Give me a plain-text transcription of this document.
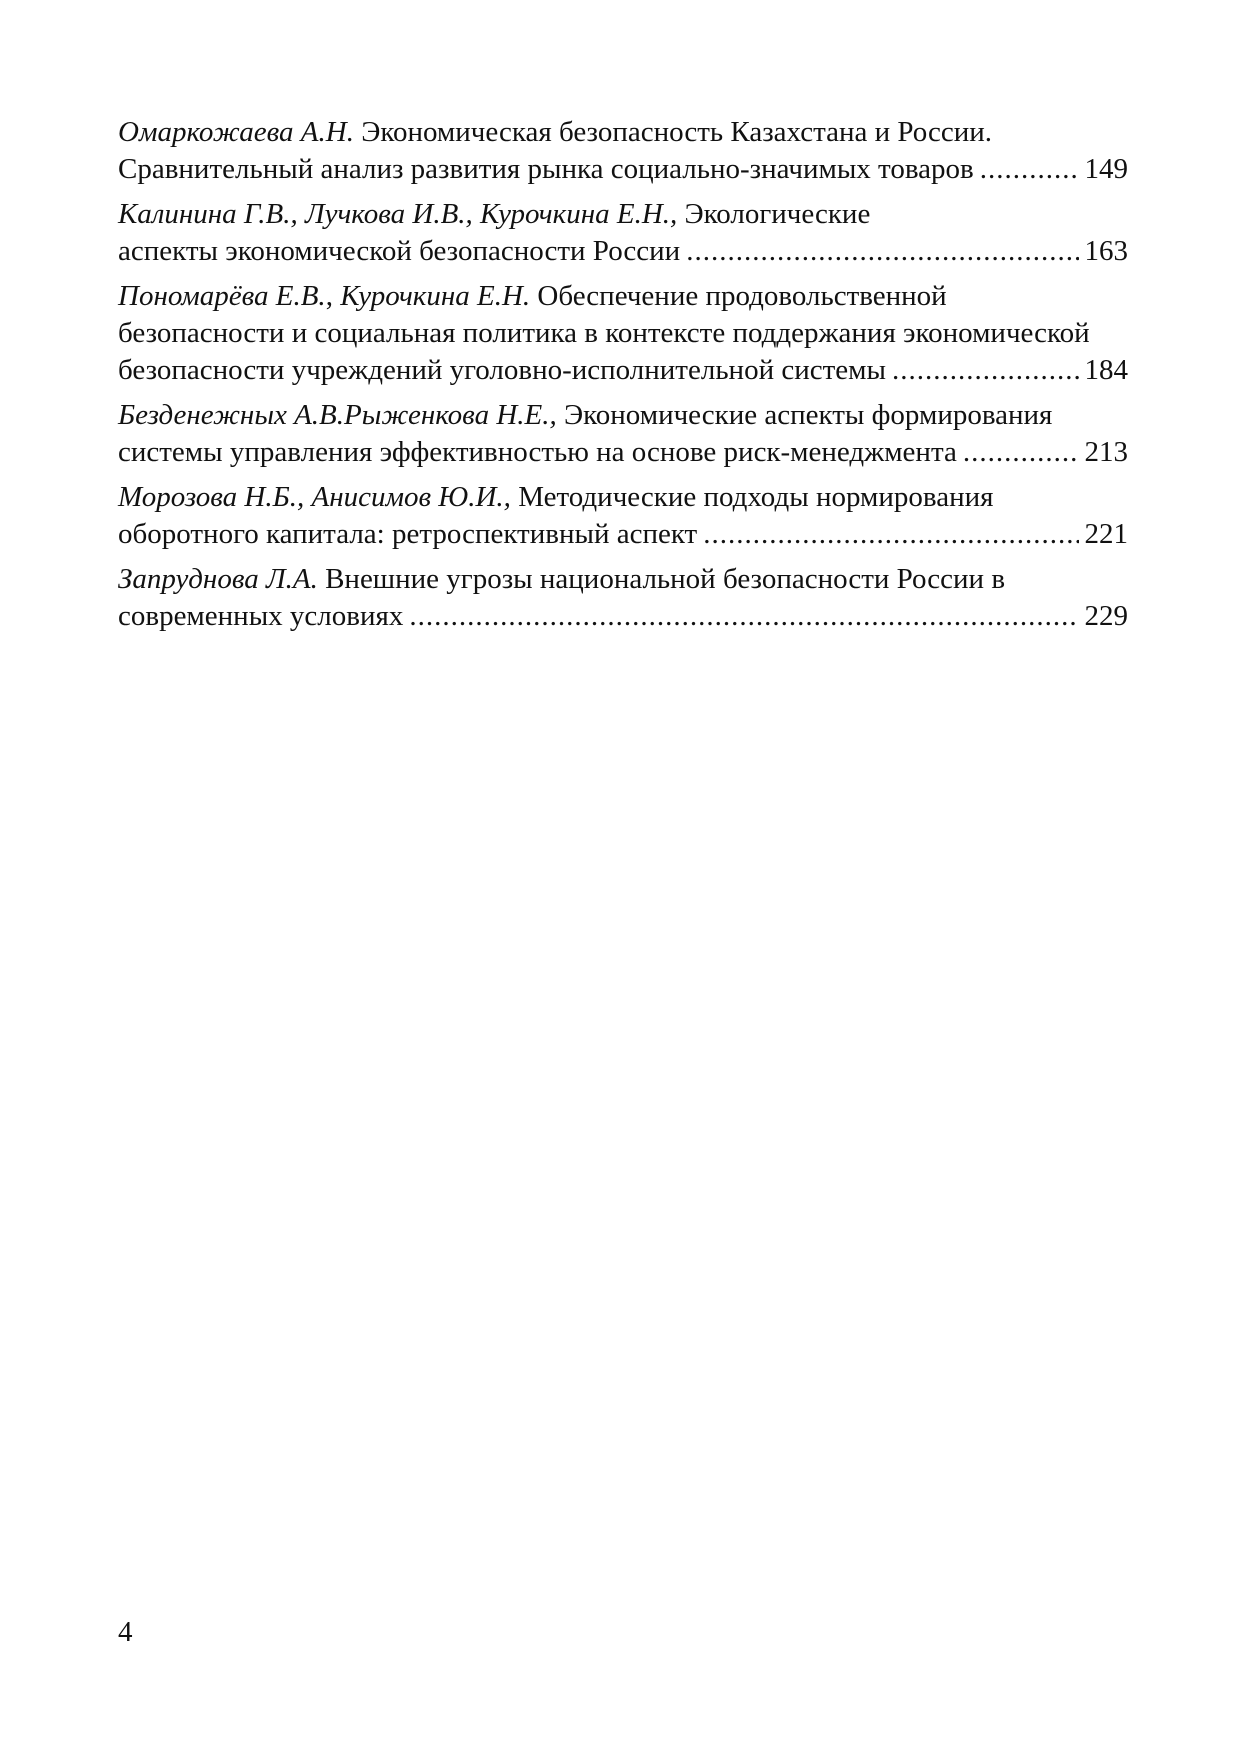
Омаркожаева А.Н. Экономическая безопасность Казахстана и России.
Сравнительный анализ развития рынка социально-значимых товаров .....	149
Калинина Г.В., Лучкова И.В., Курочкина Е.Н., Экологические
аспекты экономической безопасности России .....	163
Пономарёва Е.В., Курочкина Е.Н. Обеспечение продовольственной
безопасности и социальная политика в контексте поддержания экономической
безопасности учреждений уголовно-исполнительной системы .....	184
Безденежных А.В.Рыженкова Н.Е., Экономические аспекты формирования
системы управления эффективностью на основе риск-менеджмента .....	213
Морозова Н.Б., Анисимов Ю.И., Методические подходы нормирования
оборотного капитала: ретроспективный аспект .....	221
Запруднова Л.А. Внешние угрозы национальной безопасности России в
современных условиях .....	229
4
